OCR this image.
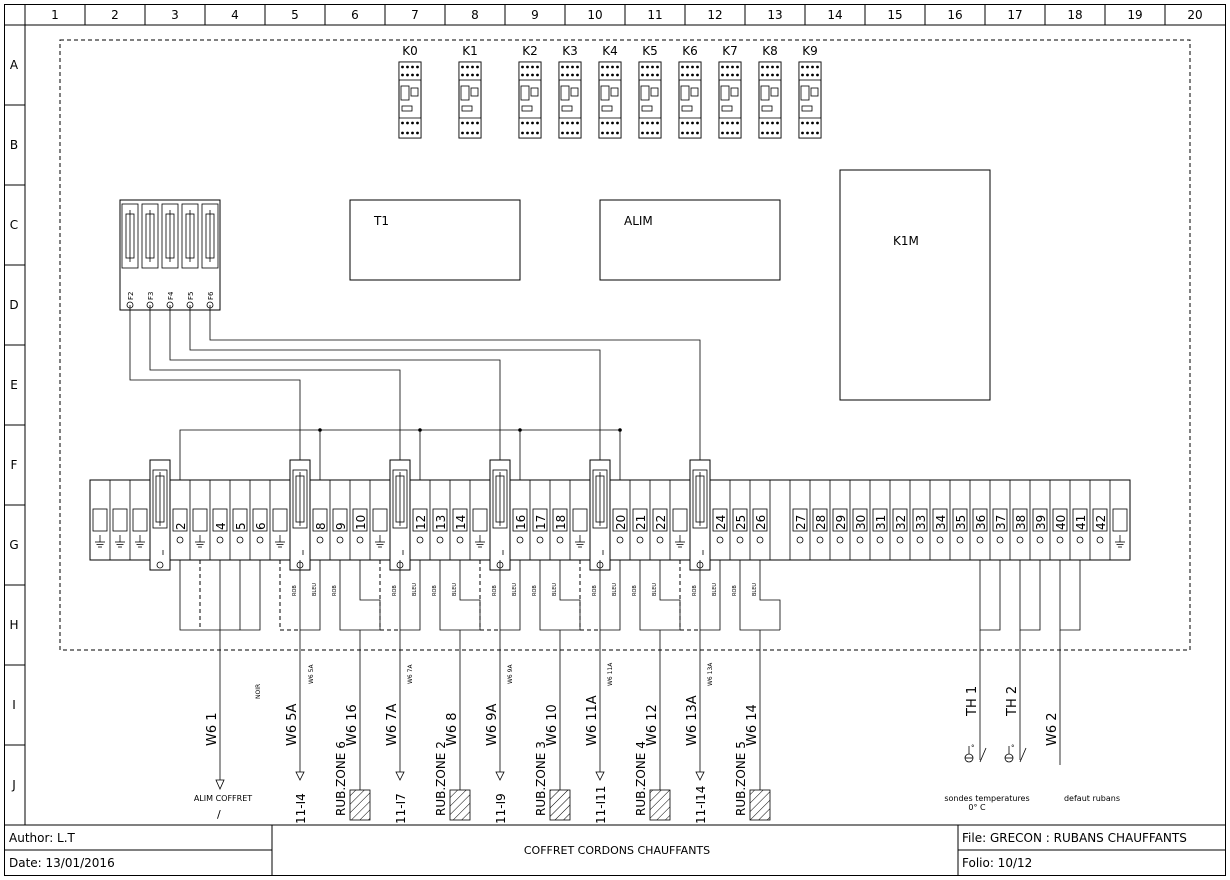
1	2	3	4	5	6	7	8	9	10	11	12	13	14	15	16	17	18	19	20
A
B
C
D
E
F
G
H
I
J
K0	K1	K2 K3 K4 K5 K6 K7 K8 K9
F2 F3 F4 F5 F6
T1	ALIM
K1M
2 4 5 6	8 9 10	12 13 14	16 17 18	20 21 22	24 25 26 27 28 29 30 31 32 33 34 35 36 37 38 39 40 41 42
ROB	BLEU	ROB	ROB	BLEU	ROB	BLEU	ROB	BLEU	ROB	BLEU	ROB	BLEU	ROB	BLEU	ROB	BLEU	ROB	BLEU
°	°
W6 1
NOIR
W6 5A
W6 5A
W6 16 W6 7A
W6 7A
W6 8 W6 9A
W6 9A
W6 10 W6 11A
W6 11A
W6 12 W6 13A
W6 13A
W6 14
TH 1 TH 2
W6 2
RUB.ZONE 6	RUB.ZONE 2	RUB.ZONE 3	RUB.ZONE 4	RUB.ZONE 5
11-I4	11-I7	11-I9	11-I11	11-I14
ALIM COFFRET
/
sondes temperatures
0° C
defaut rubans
Author: L.T
Date: 13/01/2016
COFFRET CORDONS CHAUFFANTS
File: GRECON : RUBANS CHAUFFANTS
Folio: 10/12
